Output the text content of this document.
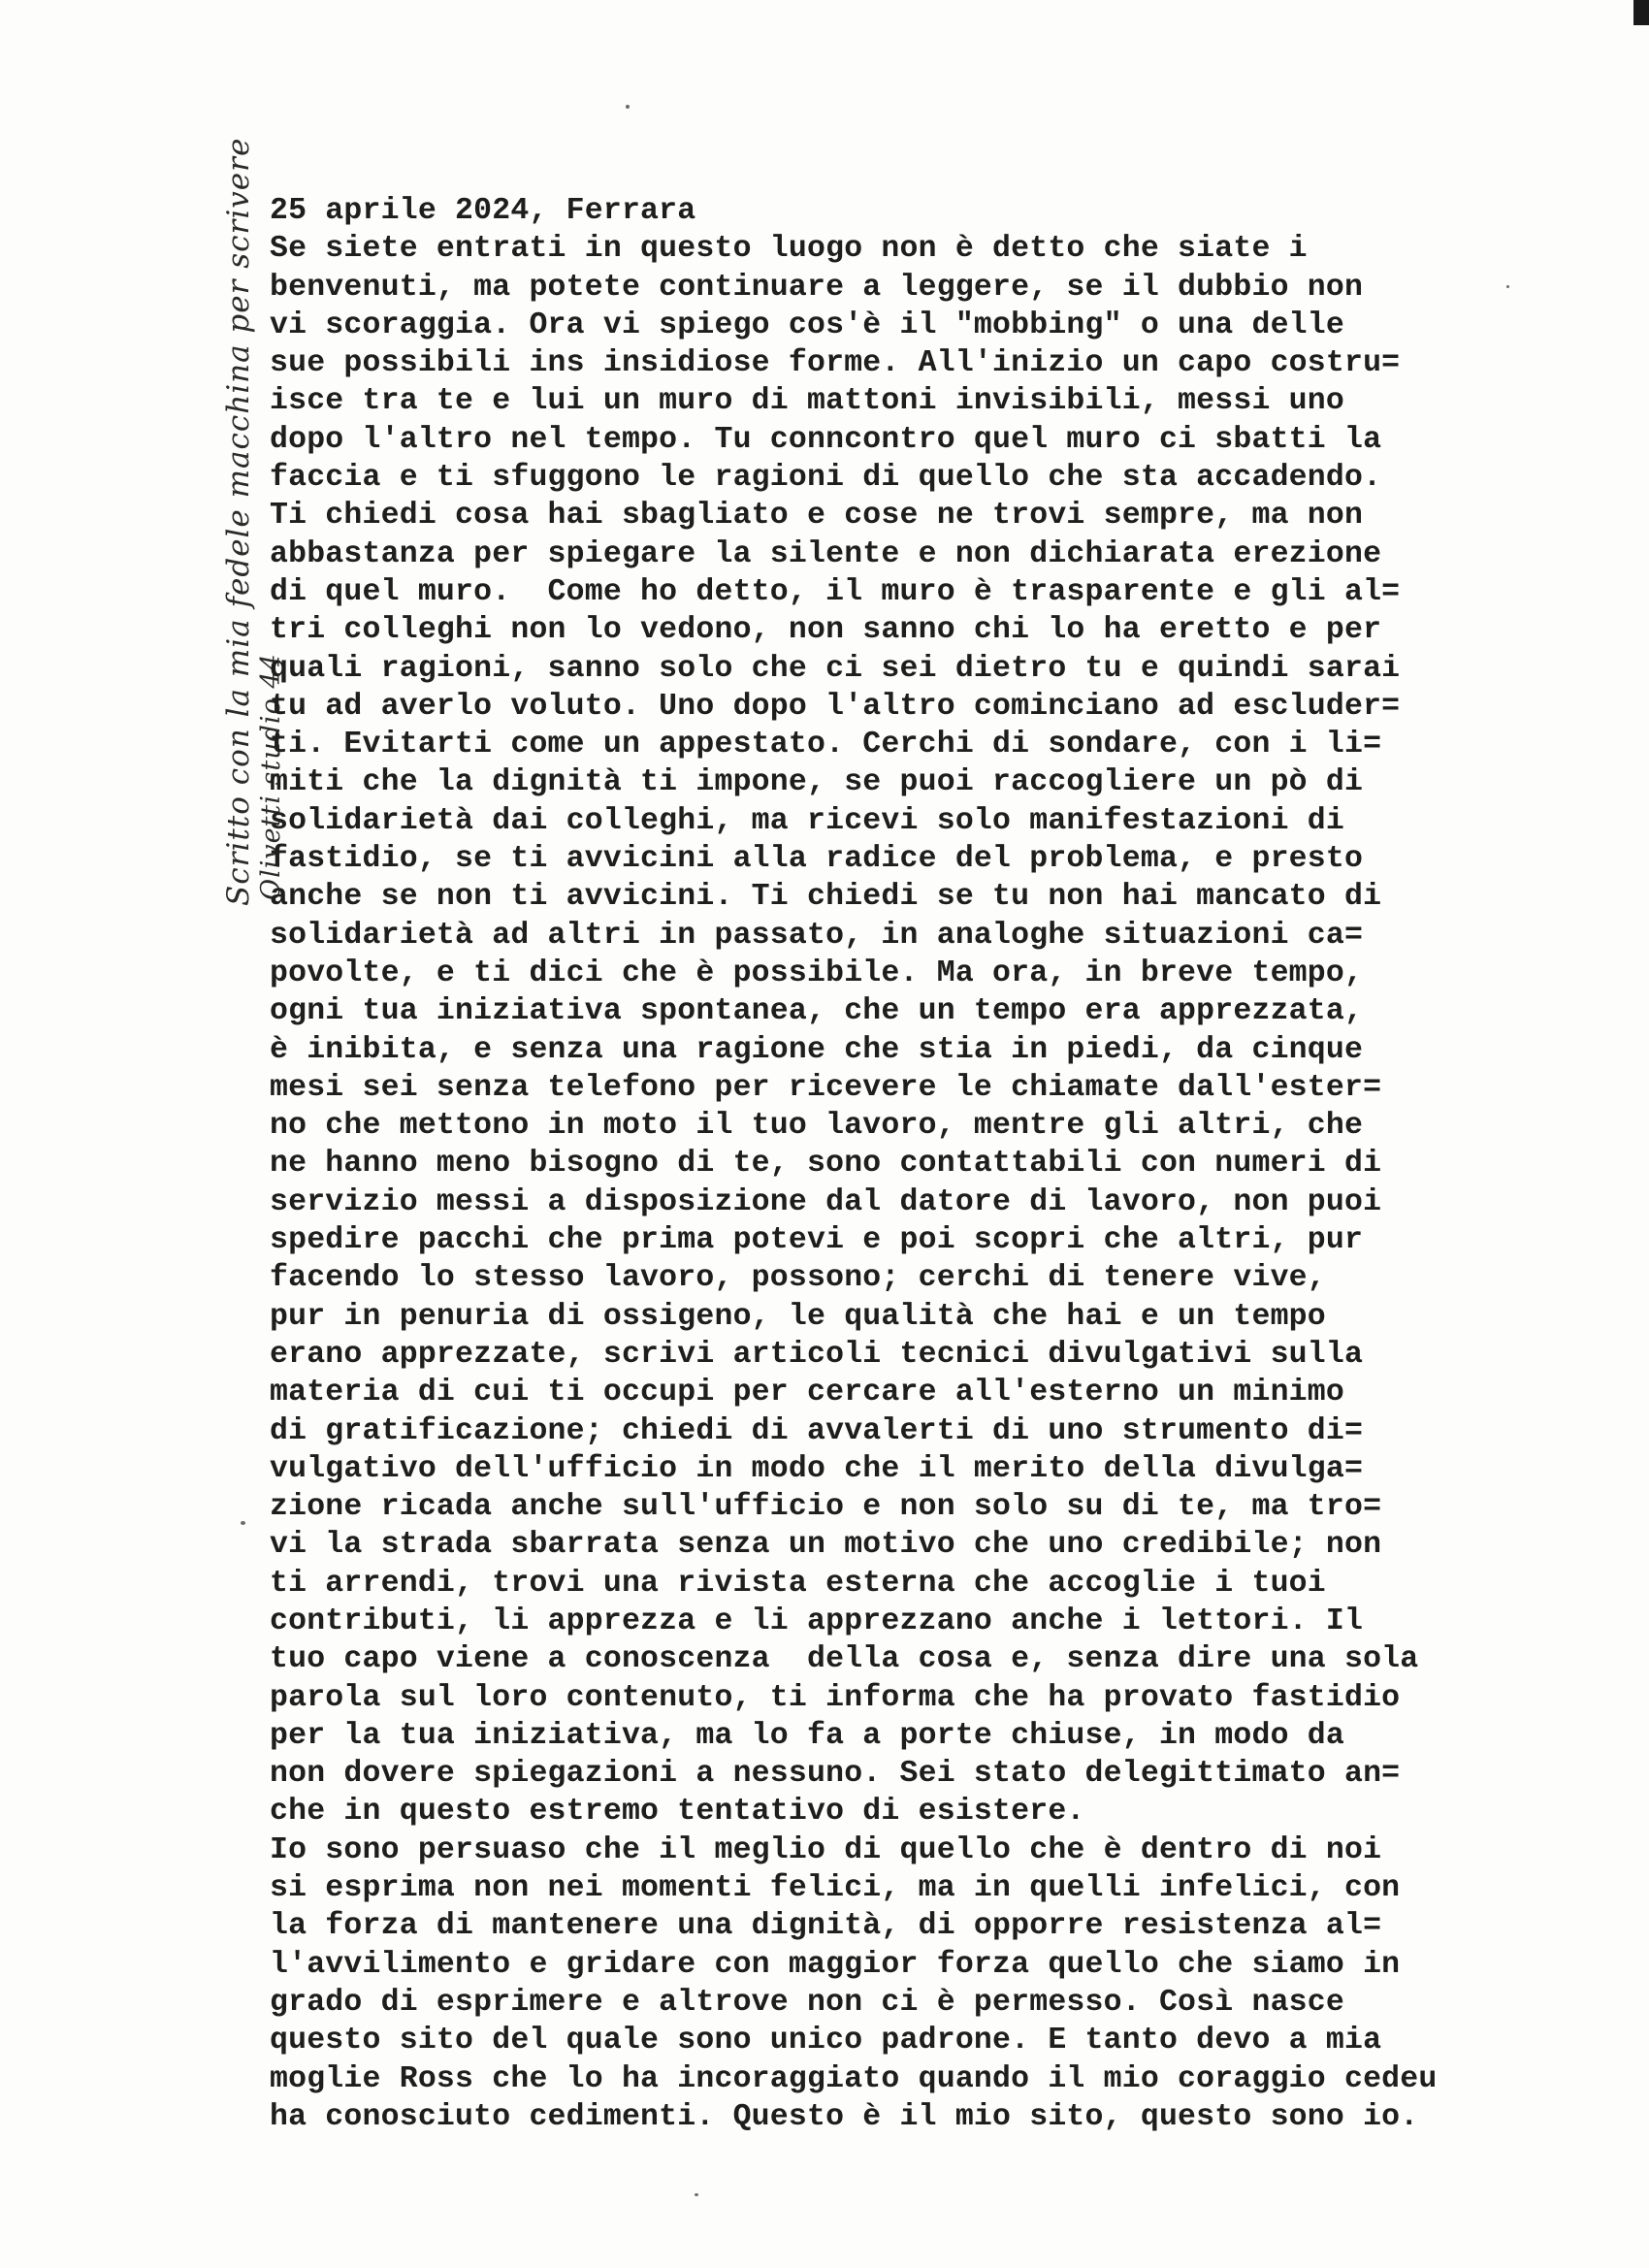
Scritto con la mia fedele macchina per scrivere Olivetti studio 44
25 aprile 2024, Ferrara
Se siete entrati in questo luogo non è detto che siate i
benvenuti, ma potete continuare a leggere, se il dubbio non
vi scoraggia. Ora vi spiego cos'è il "mobbing" o una delle
sue possibili ins insidiose forme. All'inizio un capo costru=
isce tra te e lui un muro di mattoni invisibili, messi uno
dopo l'altro nel tempo. Tu conncontro quel muro ci sbatti la
faccia e ti sfuggono le ragioni di quello che sta accadendo.
Ti chiedi cosa hai sbagliato e cose ne trovi sempre, ma non
abbastanza per spiegare la silente e non dichiarata erezione
di quel muro.  Come ho detto, il muro è trasparente e gli al=
tri colleghi non lo vedono, non sanno chi lo ha eretto e per
quali ragioni, sanno solo che ci sei dietro tu e quindi sarai
tu ad averlo voluto. Uno dopo l'altro cominciano ad escluder=
ti. Evitarti come un appestato. Cerchi di sondare, con i li=
miti che la dignità ti impone, se puoi raccogliere un pò di
solidarietà dai colleghi, ma ricevi solo manifestazioni di
fastidio, se ti avvicini alla radice del problema, e presto
anche se non ti avvicini. Ti chiedi se tu non hai mancato di
solidarietà ad altri in passato, in analoghe situazioni ca=
povolte, e ti dici che è possibile. Ma ora, in breve tempo,
ogni tua iniziativa spontanea, che un tempo era apprezzata,
è inibita, e senza una ragione che stia in piedi, da cinque
mesi sei senza telefono per ricevere le chiamate dall'ester=
no che mettono in moto il tuo lavoro, mentre gli altri, che
ne hanno meno bisogno di te, sono contattabili con numeri di
servizio messi a disposizione dal datore di lavoro, non puoi
spedire pacchi che prima potevi e poi scopri che altri, pur
facendo lo stesso lavoro, possono; cerchi di tenere vive,
pur in penuria di ossigeno, le qualità che hai e un tempo
erano apprezzate, scrivi articoli tecnici divulgativi sulla
materia di cui ti occupi per cercare all'esterno un minimo
di gratificazione; chiedi di avvalerti di uno strumento di=
vulgativo dell'ufficio in modo che il merito della divulga=
zione ricada anche sull'ufficio e non solo su di te, ma tro=
vi la strada sbarrata senza un motivo che uno credibile; non
ti arrendi, trovi una rivista esterna che accoglie i tuoi
contributi, li apprezza e li apprezzano anche i lettori. Il
tuo capo viene a conoscenza  della cosa e, senza dire una sola
parola sul loro contenuto, ti informa che ha provato fastidio
per la tua iniziativa, ma lo fa a porte chiuse, in modo da
non dovere spiegazioni a nessuno. Sei stato delegittimato an=
che in questo estremo tentativo di esistere.
Io sono persuaso che il meglio di quello che è dentro di noi
si esprima non nei momenti felici, ma in quelli infelici, con
la forza di mantenere una dignità, di opporre resistenza al=
l'avvilimento e gridare con maggior forza quello che siamo in
grado di esprimere e altrove non ci è permesso. Così nasce
questo sito del quale sono unico padrone. E tanto devo a mia
moglie Ross che lo ha incoraggiato quando il mio coraggio cedeu
ha conosciuto cedimenti. Questo è il mio sito, questo sono io.
